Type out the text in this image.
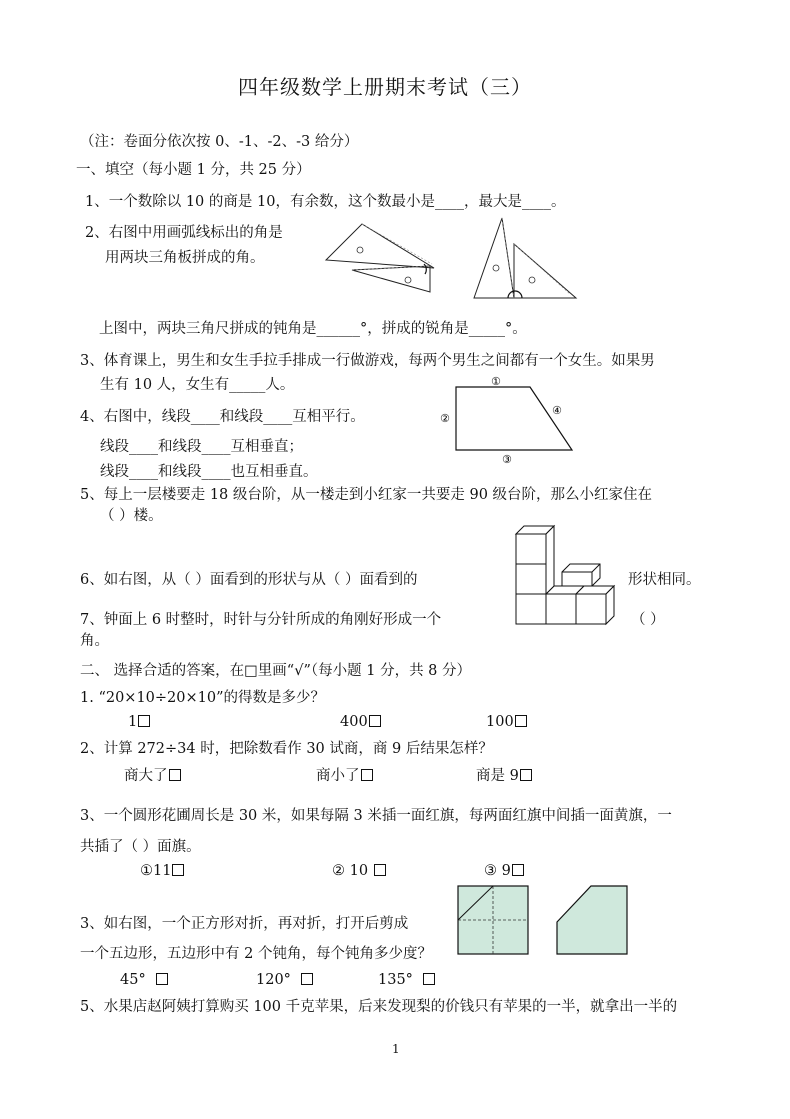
四年级数学上册期末考试（三）
（注：卷面分依次按 0、-1、-2、-3 给分）
一、填空（每小题 1 分，共 25 分）
1、一个数除以 10 的商是 10，有余数，这个数最小是____，最大是____。
2、右图中用画弧线标出的角是
用两块三角板拼成的角。
上图中，两块三角尺拼成的钝角是______°，拼成的锐角是_____°。
3、体育课上，男生和女生手拉手排成一行做游戏，每两个男生之间都有一个女生。如果男
生有 10 人，女生有_____人。
4、右图中，线段____和线段____互相平行。
线段____和线段____互相垂直；
线段____和线段____也互相垂直。
①
②
③
④
5、每上一层楼要走 18 级台阶，从一楼走到小红家一共要走 90 级台阶，那么小红家住在
（ ）楼。
6、如右图，从（ ）面看到的形状与从（ ）面看到的	形状相同。
7、钟面上 6 时整时，时针与分针所成的角刚好形成一个	（ ）
角。
二、 选择合适的答案，在□里画“√”（每小题 1 分，共 8 分）
1. “20×10÷20×10”的得数是多少？
1	400	100
2、计算 272÷34 时，把除数看作 30 试商，商 9 后结果怎样？
商大了	商小了	商是 9
3、一个圆形花圃周长是 30 米，如果每隔 3 米插一面红旗，每两面红旗中间插一面黄旗，一
共插了（ ）面旗。
①11	② 10	③ 9
3、如右图，一个正方形对折，再对折，打开后剪成
一个五边形，五边形中有 2 个钝角，每个钝角多少度？
45°	120°	135°
5、水果店赵阿姨打算购买 100 千克苹果，后来发现梨的价钱只有苹果的一半，就拿出一半的
1
